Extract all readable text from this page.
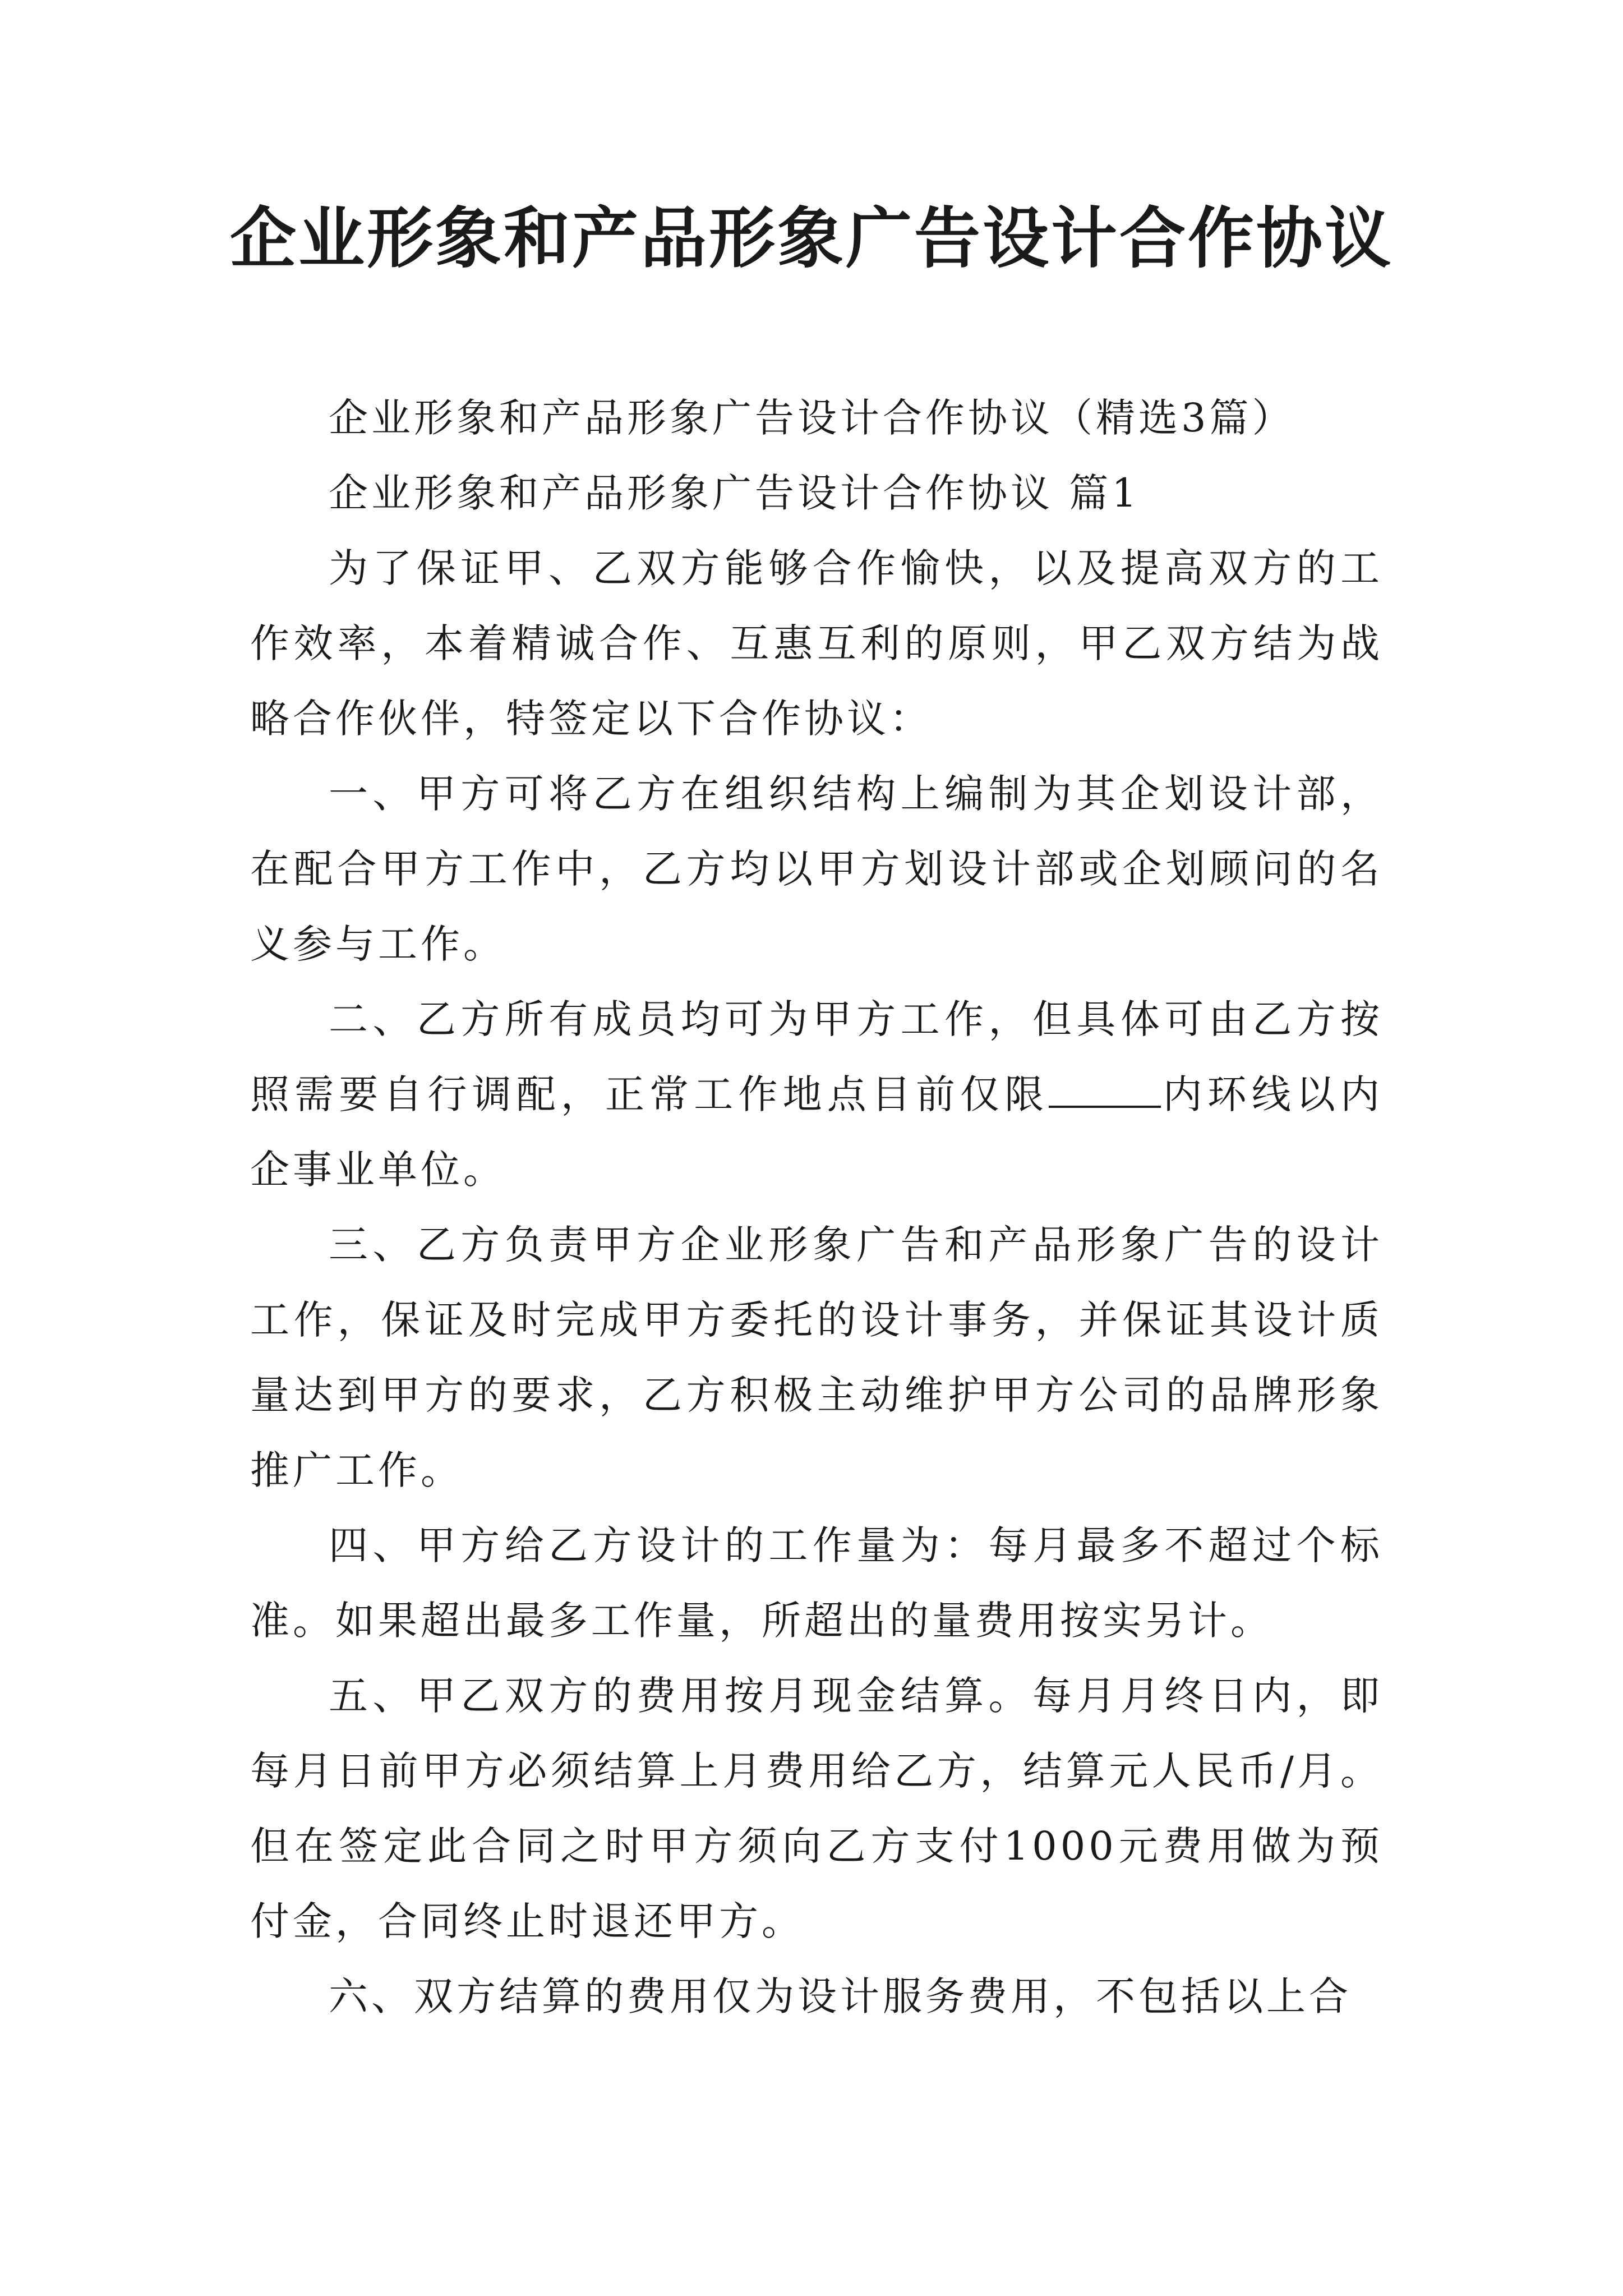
企业形象和产品形象广告设计合作协议

企业形象和产品形象广告设计合作协议（精选3篇）

企业形象和产品形象广告设计合作协议 篇1

为了保证甲、乙双方能够合作愉快，以及提高双方的工作效率，本着精诚合作、互惠互利的原则，甲乙双方结为战略合作伙伴，特签定以下合作协议：

一、甲方可将乙方在组织结构上编制为其企划设计部，在配合甲方工作中，乙方均以甲方划设计部或企划顾问的名义参与工作。

二、乙方所有成员均可为甲方工作，但具体可由乙方按照需要自行调配，正常工作地点目前仅限	内环线以内企事业单位。

三、乙方负责甲方企业形象广告和产品形象广告的设计工作，保证及时完成甲方委托的设计事务，并保证其设计质量达到甲方的要求，乙方积极主动维护甲方公司的品牌形象推广工作。

四、甲方给乙方设计的工作量为：每月最多不超过个标准。如果超出最多工作量，所超出的量费用按实另计。

五、甲乙双方的费用按月现金结算。每月月终日内，即每月日前甲方必须结算上月费用给乙方，结算元人民币/月。但在签定此合同之时甲方须向乙方支付1000元费用做为预付金，合同终止时退还甲方。

六、双方结算的费用仅为设计服务费用，不包括以上合
